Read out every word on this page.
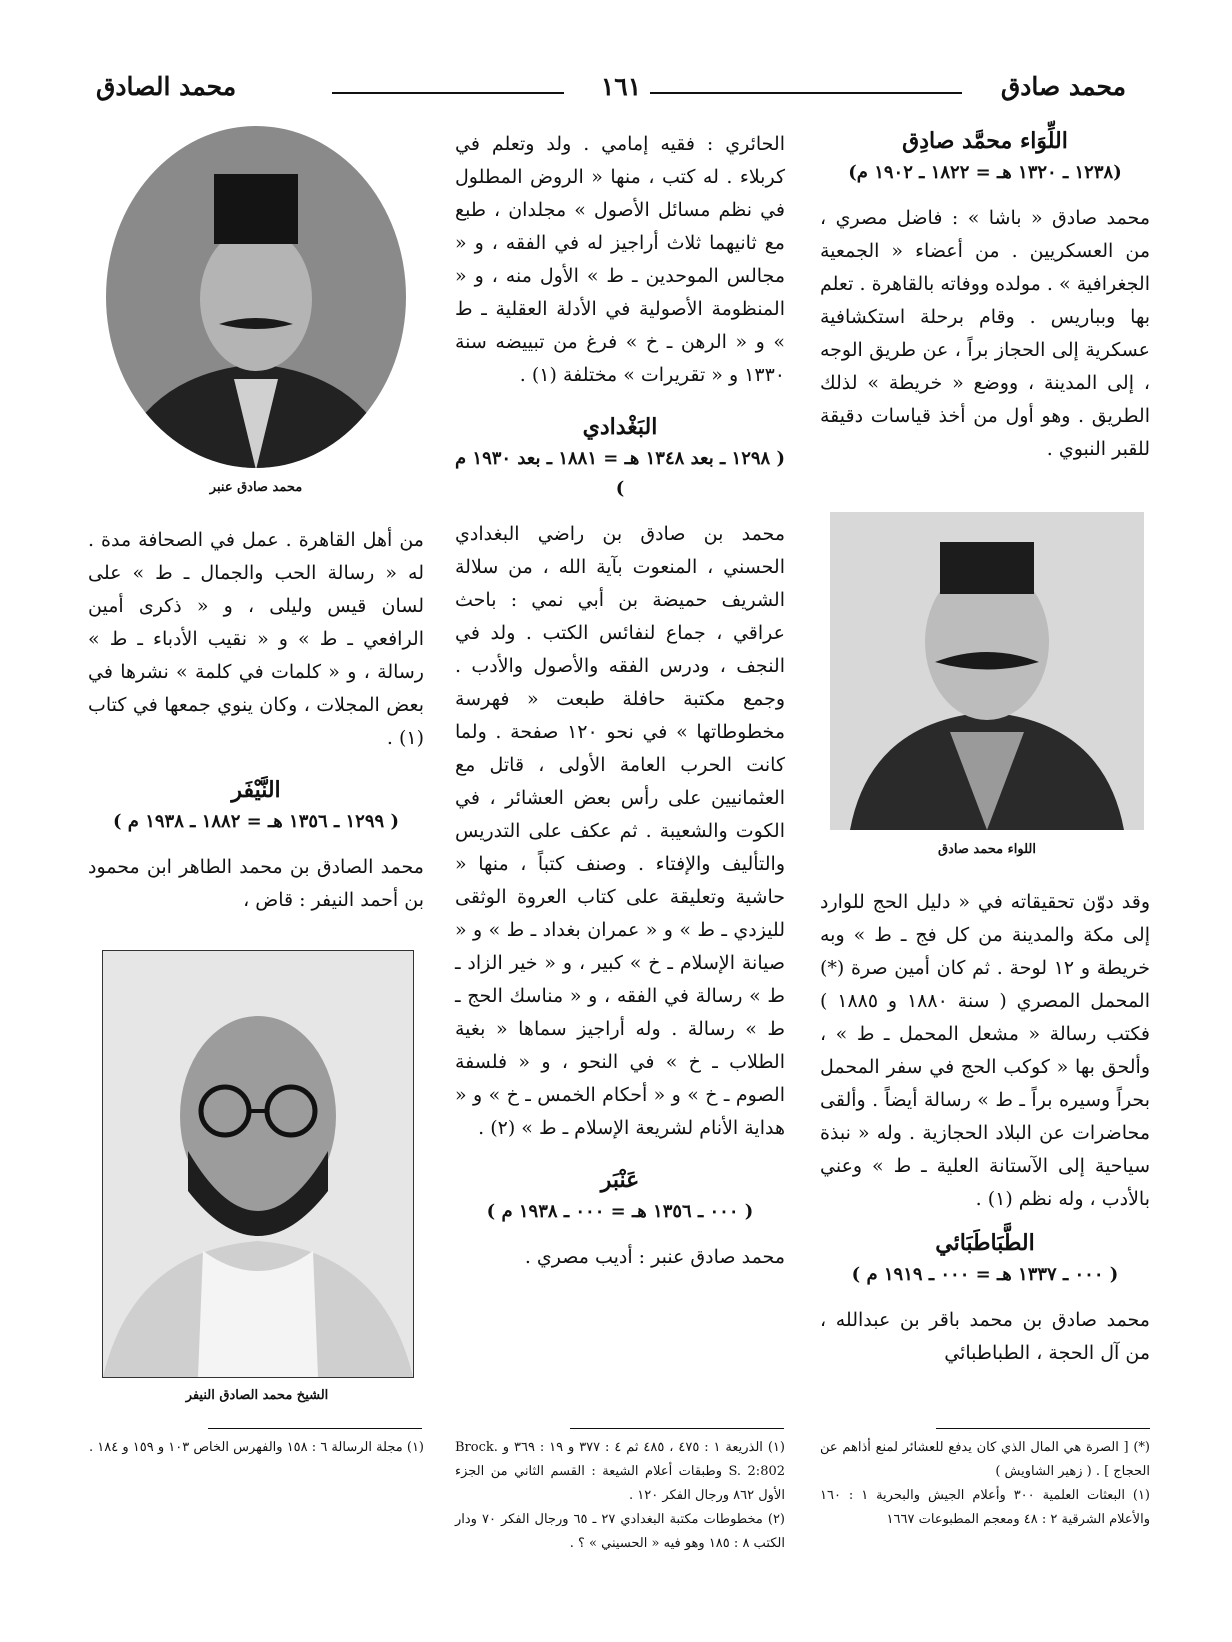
محمد صادق
١٦١
محمد الصادق
اللِّوَاء محمَّد صادِق
(١٢٣٨ ـ ١٣٢٠ هـ = ١٨٢٢ ـ ١٩٠٢ م)

محمد صادق « باشا » : فاضل مصري ، من العسكريين . من أعضاء « الجمعية الجغرافية » . مولده ووفاته بالقاهرة . تعلم بها وبباريس . وقام برحلة استكشافية عسكرية إلى الحجاز براً ، عن طريق الوجه ، إلى المدينة ، ووضع « خريطة » لذلك الطريق . وهو أول من أخذ قياسات دقيقة للقبر النبوي .

اللواء محمد صادق

وقد دوّن تحقيقاته في « دليل الحج للوارد إلى مكة والمدينة من كل فج ـ ط » وبه خريطة و ١٢ لوحة . ثم كان أمين صرة (*) المحمل المصري ( سنة ١٨٨٠ و ١٨٨٥ ) فكتب رسالة « مشعل المحمل ـ ط » ، وألحق بها « كوكب الحج في سفر المحمل بحراً وسيره براً ـ ط » رسالة أيضاً . وألقى محاضرات عن البلاد الحجازية . وله « نبذة سياحية إلى الآستانة العلية ـ ط » وعني بالأدب ، وله نظم (١) .

الطَّبَاطَبَائي
( ٠٠٠ ـ ١٣٣٧ هـ = ٠٠٠ ـ ١٩١٩ م )

محمد صادق بن محمد باقر بن عبدالله ، من آل الحجة ، الطباطبائي

(*) [ الصرة هي المال الذي كان يدفع للعشائر لمنع أذاهم عن الحجاج ] . ( زهير الشاويش )
(١) البعثات العلمية ٣٠٠ وأعلام الجيش والبحرية ١ : ١٦٠ والأعلام الشرقية ٢ : ٤٨ ومعجم المطبوعات ١٦٦٧

الحائري : فقيه إمامي . ولد وتعلم في كربلاء . له كتب ، منها « الروض المطلول في نظم مسائل الأصول » مجلدان ، طبع مع ثانيهما ثلاث أراجيز له في الفقه ، و « مجالس الموحدين ـ ط » الأول منه ، و « المنظومة الأصولية في الأدلة العقلية ـ ط » و « الرهن ـ خ » فرغ من تبييضه سنة ١٣٣٠ و « تقريرات » مختلفة (١) .

البَغْدادي
( ١٢٩٨ ـ بعد ١٣٤٨ هـ = ١٨٨١ ـ بعد ١٩٣٠ م )

محمد بن صادق بن راضي البغدادي الحسني ، المنعوت بآية الله ، من سلالة الشريف حميضة بن أبي نمي : باحث عراقي ، جماع لنفائس الكتب . ولد في النجف ، ودرس الفقه والأصول والأدب . وجمع مكتبة حافلة طبعت « فهرسة مخطوطاتها » في نحو ١٢٠ صفحة . ولما كانت الحرب العامة الأولى ، قاتل مع العثمانيين على رأس بعض العشائر ، في الكوت والشعيبة . ثم عكف على التدريس والتأليف والإفتاء . وصنف كتباً ، منها « حاشية وتعليقة على كتاب العروة الوثقى لليزدي ـ ط » و « عمران بغداد ـ ط » و « صيانة الإسلام ـ خ » كبير ، و « خير الزاد ـ ط » رسالة في الفقه ، و « مناسك الحج ـ ط » رسالة . وله أراجيز سماها « بغية الطلاب ـ خ » في النحو ، و « فلسفة الصوم ـ خ » و « أحكام الخمس ـ خ » و « هداية الأنام لشريعة الإسلام ـ ط » (٢) .

عَنْبَر
( ٠٠٠ ـ ١٣٥٦ هـ = ٠٠٠ ـ ١٩٣٨ م )

محمد صادق عنبر : أديب مصري .

(١) الذريعة ١ : ٤٧٥ ، ٤٨٥ ثم ٤ : ٣٧٧ و ١٩ : ٣٦٩ و Brock. S. 2:802 وطبقات أعلام الشيعة : القسم الثاني من الجزء الأول ٨٦٢ ورجال الفكر ١٢٠ .
(٢) مخطوطات مكتبة البغدادي ٢٧ ـ ٦٥ ورجال الفكر ٧٠ ودار الكتب ٨ : ١٨٥ وهو فيه « الحسيني » ؟ .
محمد صادق عنبر

من أهل القاهرة . عمل في الصحافة مدة . له « رسالة الحب والجمال ـ ط » على لسان قيس وليلى ، و « ذكرى أمين الرافعي ـ ط » و « نقيب الأدباء ـ ط » رسالة ، و « كلمات في كلمة » نشرها في بعض المجلات ، وكان ينوي جمعها في كتاب (١) .

النَّيْفَر
( ١٢٩٩ ـ ١٣٥٦ هـ = ١٨٨٢ ـ ١٩٣٨ م )

محمد الصادق بن محمد الطاهر ابن محمود بن أحمد النيفر : قاض ،

الشيخ محمد الصادق النيفر
(١) مجلة الرسالة ٦ : ١٥٨ والفهرس الخاص ١٠٣ و ١٥٩ و ١٨٤ .
